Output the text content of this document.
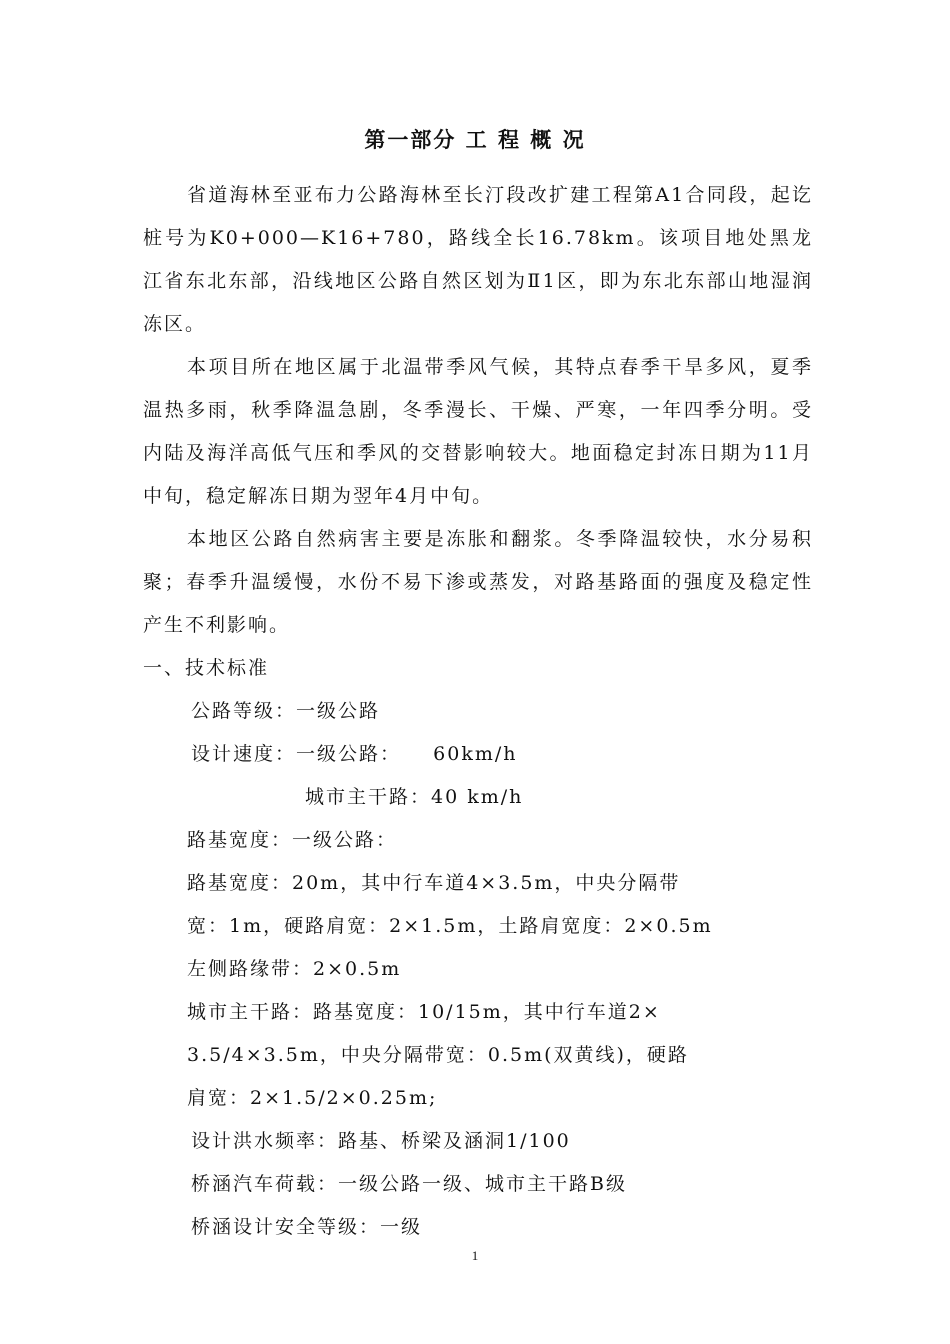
第一部分 工 程 概 况

省道海林至亚布力公路海林至长汀段改扩建工程第A1合同段，起讫桩号为K0+000—K16+780，路线全长16.78km。该项目地处黑龙江省东北东部，沿线地区公路自然区划为Ⅱ1区，即为东北东部山地湿润冻区。

本项目所在地区属于北温带季风气候，其特点春季干旱多风，夏季温热多雨，秋季降温急剧，冬季漫长、干燥、严寒，一年四季分明。受内陆及海洋高低气压和季风的交替影响较大。地面稳定封冻日期为11月中旬，稳定解冻日期为翌年4月中旬。

本地区公路自然病害主要是冻胀和翻浆。冬季降温较快，水分易积聚；春季升温缓慢，水份不易下渗或蒸发，对路基路面的强度及稳定性产生不利影响。

一、技术标准

公路等级：一级公路

设计速度：一级公路：    60km/h

城市主干路：40 km/h

路基宽度：一级公路：

路基宽度：20m，其中行车道4×3.5m，中央分隔带

宽：1m，硬路肩宽：2×1.5m，土路肩宽度：2×0.5m

左侧路缘带：2×0.5m

城市主干路：路基宽度：10/15m，其中行车道2×

3.5/4×3.5m，中央分隔带宽：0.5m(双黄线)，硬路

肩宽：2×1.5/2×0.25m;

设计洪水频率：路基、桥梁及涵洞1/100

桥涵汽车荷载：一级公路一级、城市主干路B级

桥涵设计安全等级：一级

1
